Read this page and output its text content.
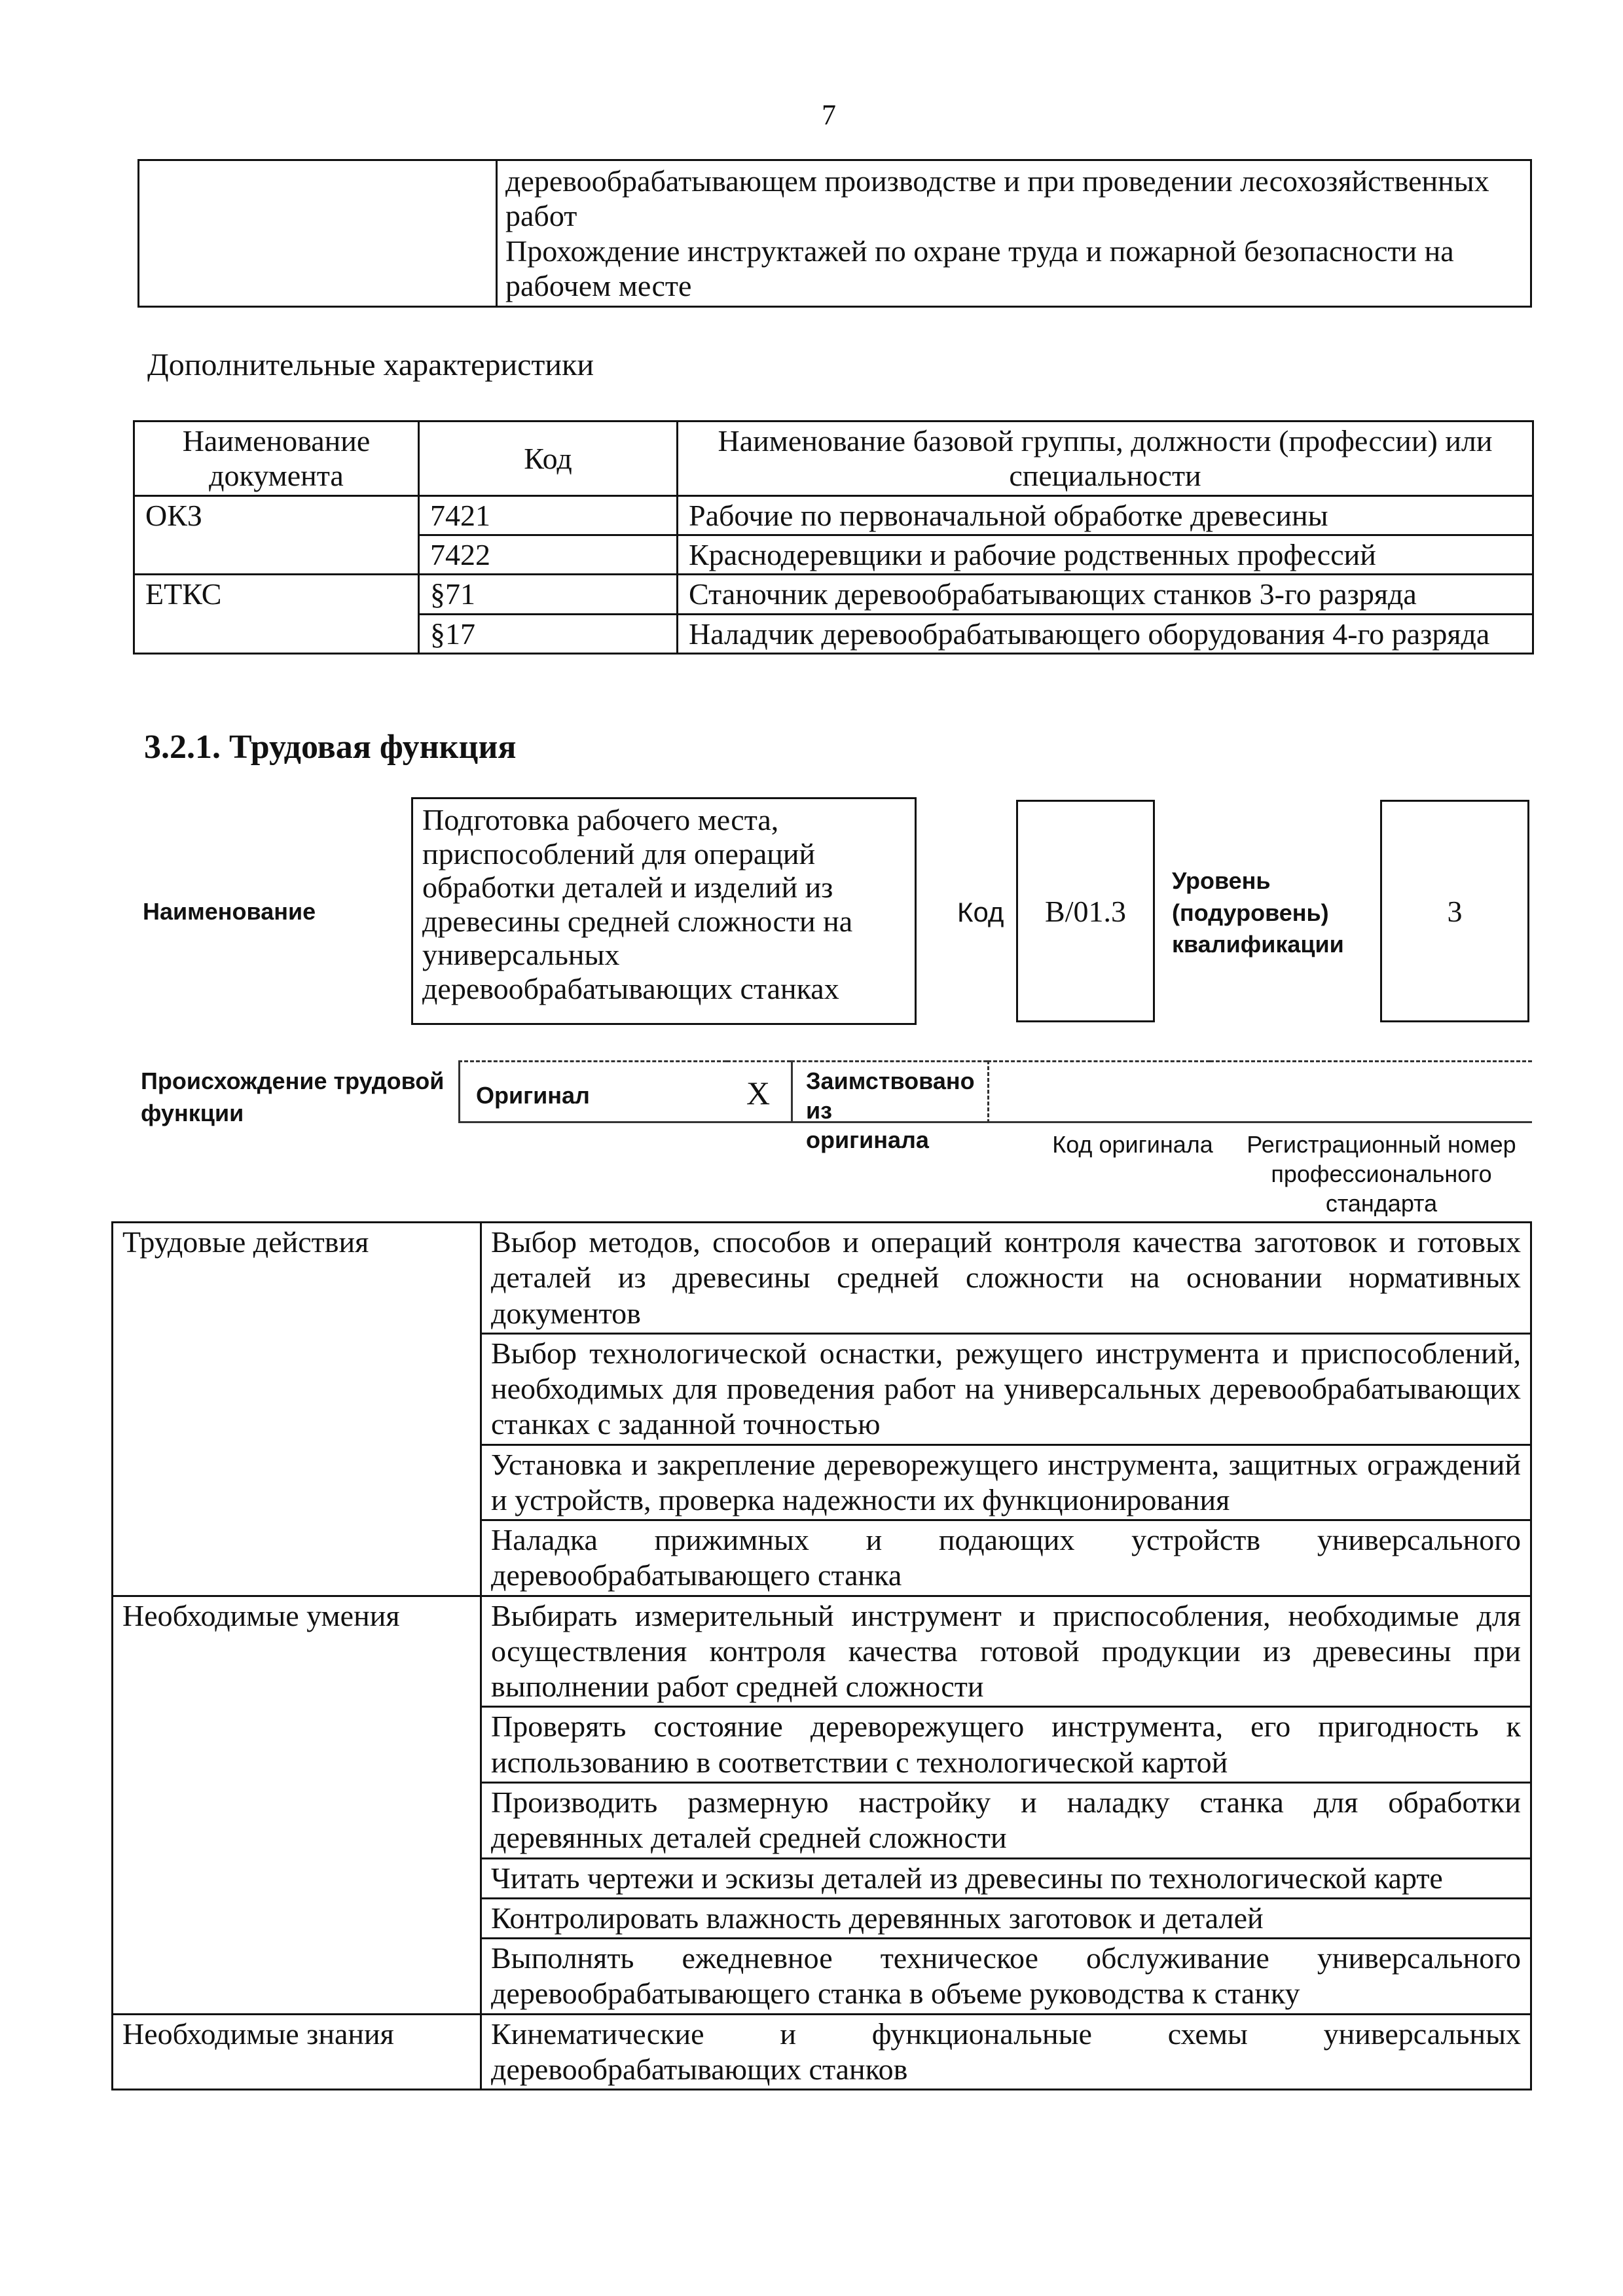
7

деревообрабатывающем производстве и при проведении лесохозяйственных работ

Прохождение инструктажей по охране труда и пожарной безопасности на рабочем месте

Дополнительные характеристики
Наименование документа	Код	Наименование базовой группы, должности (профессии) или специальности
ОКЗ	7421	Рабочие по первоначальной обработке древесины
	7422	Краснодеревщики и рабочие родственных профессий
ЕТКС	§71	Станочник деревообрабатывающих станков 3-го разряда
	§17	Наладчик деревообрабатывающего оборудования 4-го разряда
3.2.1. Трудовая функция
Наименование
Подготовка рабочего места, приспособлений для операций обработки деталей и изделий из древесины средней сложности на универсальных деревообрабатывающих станках
Код	B/01.3
Уровень
(подуровень)
квалификации
3
Происхождение трудовой
функции
Оригинал	X Заимствовано из
оригинала	Код оригинала	Регистрационный номер профессионального стандарта
Трудовые действия	Выбор методов, способов и операций контроля качества заготовок и готовых деталей из древесины средней сложности на основании нормативных документов
	Выбор технологической оснастки, режущего инструмента и приспособлений, необходимых для проведения работ на универсальных деревообрабатывающих станках с заданной точностью
	Установка и закрепление дереворежущего инструмента, защитных ограждений и устройств, проверка надежности их функционирования
	Наладка прижимных и подающих устройств универсального деревообрабатывающего станка
Необходимые умения	Выбирать измерительный инструмент и приспособления, необходимые для осуществления контроля качества готовой продукции из древесины при выполнении работ средней сложности
	Проверять состояние дереворежущего инструмента, его пригодность к использованию в соответствии с технологической картой
	Производить размерную настройку и наладку станка для обработки деревянных деталей средней сложности
	Читать чертежи и эскизы деталей из древесины по технологической карте
	Контролировать влажность деревянных заготовок и деталей
	Выполнять ежедневное техническое обслуживание универсального деревообрабатывающего станка в объеме руководства к станку
Необходимые знания	Кинематические и функциональные схемы универсальных деревообрабатывающих станков
